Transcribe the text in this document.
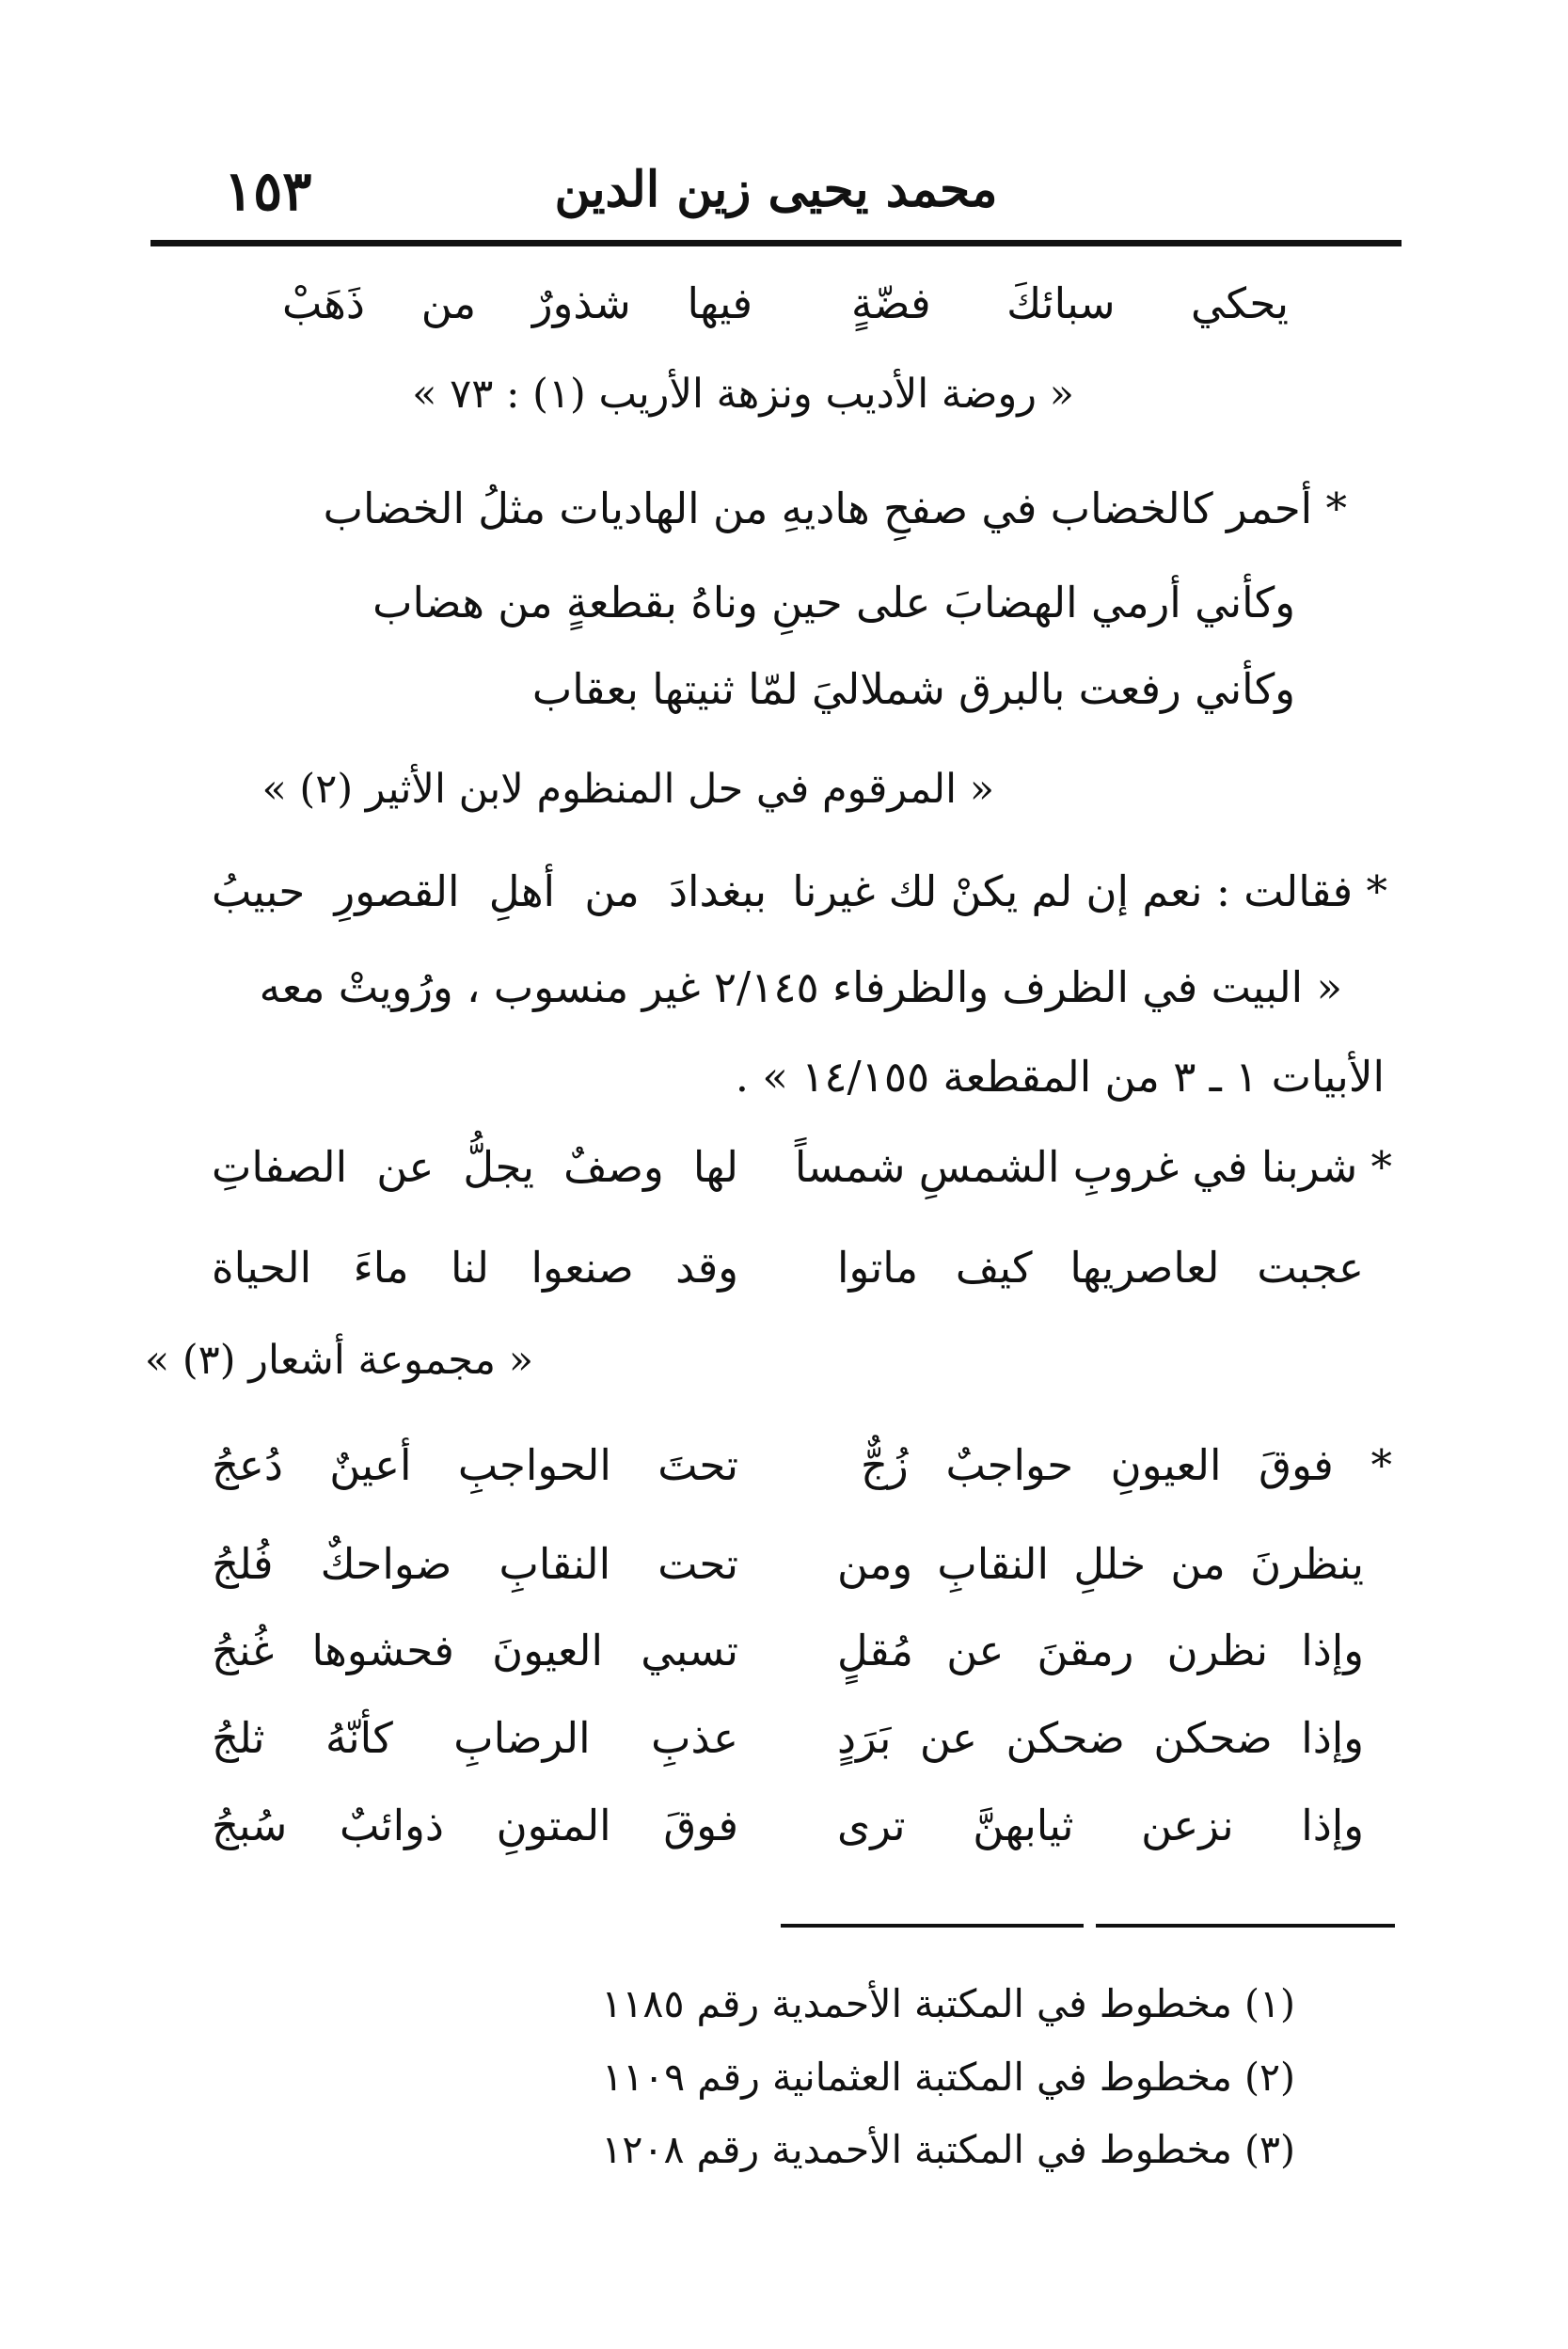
١٥٣	محمد يحيى زين الدين
يحكي سبائكَ فضّةٍ
فيها شذورٌ من ذَهَبْ
« روضة الأديب ونزهة الأريب (١) : ٧٣ »
* أحمر كالخضاب في صفحِ هاديهِ من الهاديات مثلُ الخضاب
وكأني أرمي الهضابَ على حينِ وناهُ بقطعةٍ من هضاب
وكأني رفعت بالبرق شملاليَ لمّا ثنيتها بعقاب
« المرقوم في حل المنظوم لابن الأثير (٢) »
* فقالت : نعم إن لم يكنْ لك غيرنا
ببغدادَ من أهلِ القصورِ حبيبُ
« البيت في الظرف والظرفاء ٢/١٤٥ غير منسوب ، ورُويتْ معه
الأبيات ١ ـ ٣ من المقطعة ١٤/١٥٥ » .
* شربنا في غروبِ الشمسِ شمساً
لها وصفٌ يجلُّ عن الصفاتِ
عجبت لعاصريها كيف ماتوا
وقد صنعوا لنا ماءَ الحياة
« مجموعة أشعار (٣) »
* فوقَ العيونِ حواجبٌ زُجٌّ
تحتَ الحواجبِ أعينٌ دُعجُ
ينظرنَ من خللِ النقابِ ومن
تحت النقابِ ضواحكٌ فُلجُ
وإذا نظرن رمقنَ عن مُقلٍ
تسبي العيونَ فحشوها غُنجُ
وإذا ضحكن ضحكن عن بَرَدٍ
عذبِ الرضابِ كأنّهُ ثلجُ
وإذا نزعن ثيابهنَّ ترى
فوقَ المتونِ ذوائبٌ سُبجُ
(١) مخطوط في المكتبة الأحمدية رقم ١١٨٥
(٢) مخطوط في المكتبة العثمانية رقم ١١٠٩
(٣) مخطوط في المكتبة الأحمدية رقم ١٢٠٨
